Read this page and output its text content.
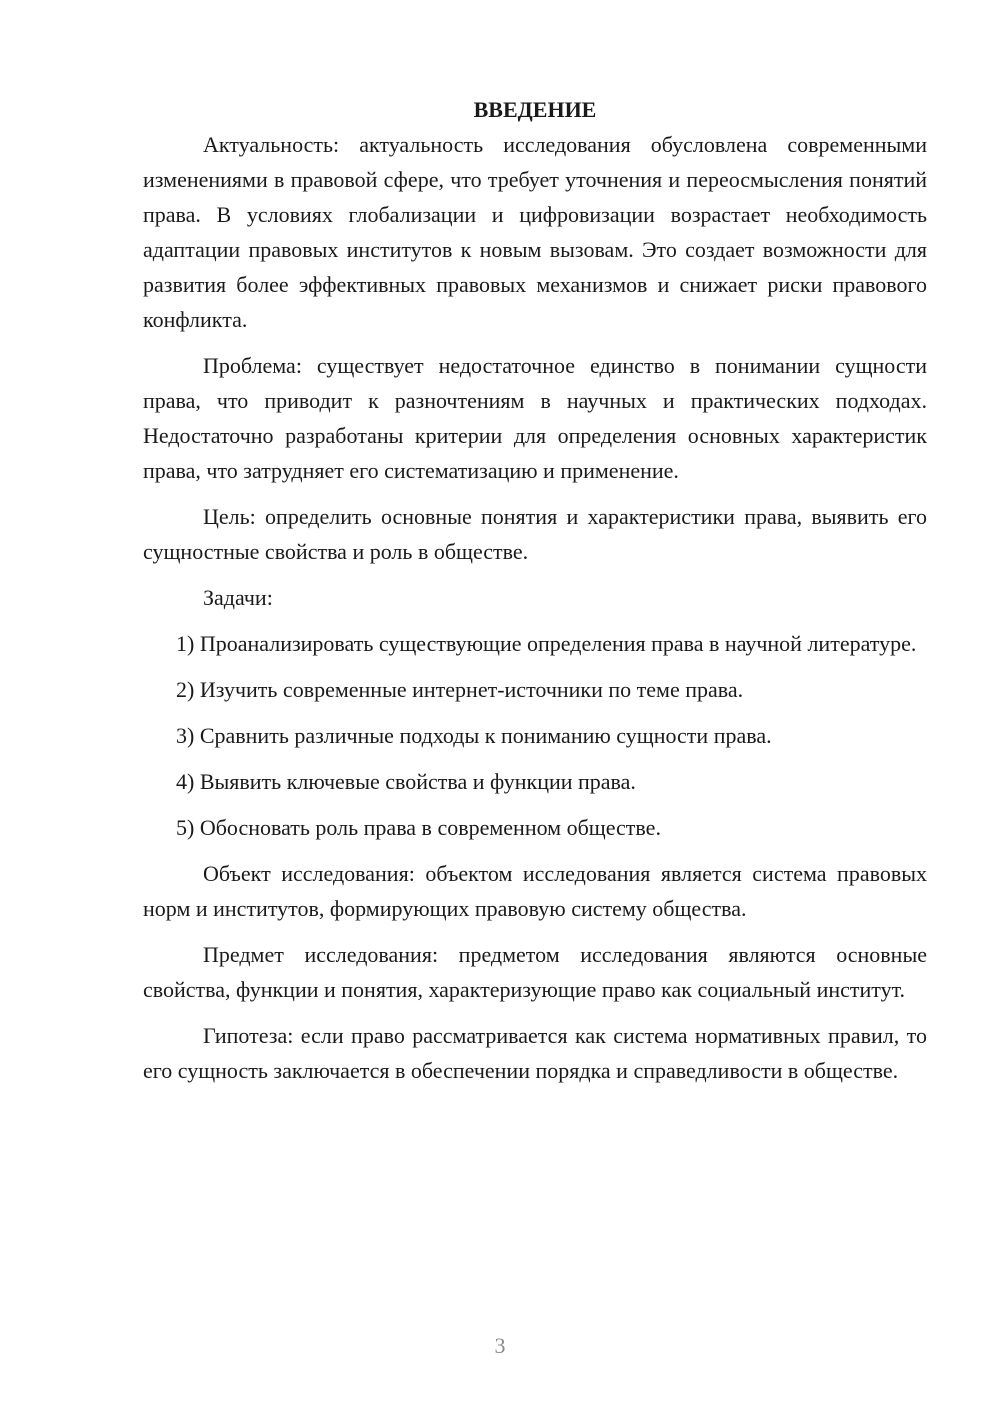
ВВЕДЕНИЕ

Актуальность: актуальность исследования обусловлена современными изменениями в правовой сфере, что требует уточнения и переосмысления понятий права. В условиях глобализации и цифровизации возрастает необходимость адаптации правовых институтов к новым вызовам. Это создает возможности для развития более эффективных правовых механизмов и снижает риски правового конфликта.

Проблема: существует недостаточное единство в понимании сущности права, что приводит к разночтениям в научных и практических подходах. Недостаточно разработаны критерии для определения основных характеристик права, что затрудняет его систематизацию и применение.

Цель: определить основные понятия и характеристики права, выявить его сущностные свойства и роль в обществе.

Задачи:

1) Проанализировать существующие определения права в научной литературе.

2) Изучить современные интернет-источники по теме права.

3) Сравнить различные подходы к пониманию сущности права.

4) Выявить ключевые свойства и функции права.

5) Обосновать роль права в современном обществе.

Объект исследования: объектом исследования является система правовых норм и институтов, формирующих правовую систему общества.

Предмет исследования: предметом исследования являются основные свойства, функции и понятия, характеризующие право как социальный институт.

Гипотеза: если право рассматривается как система нормативных правил, то его сущность заключается в обеспечении порядка и справедливости в обществе.

3
